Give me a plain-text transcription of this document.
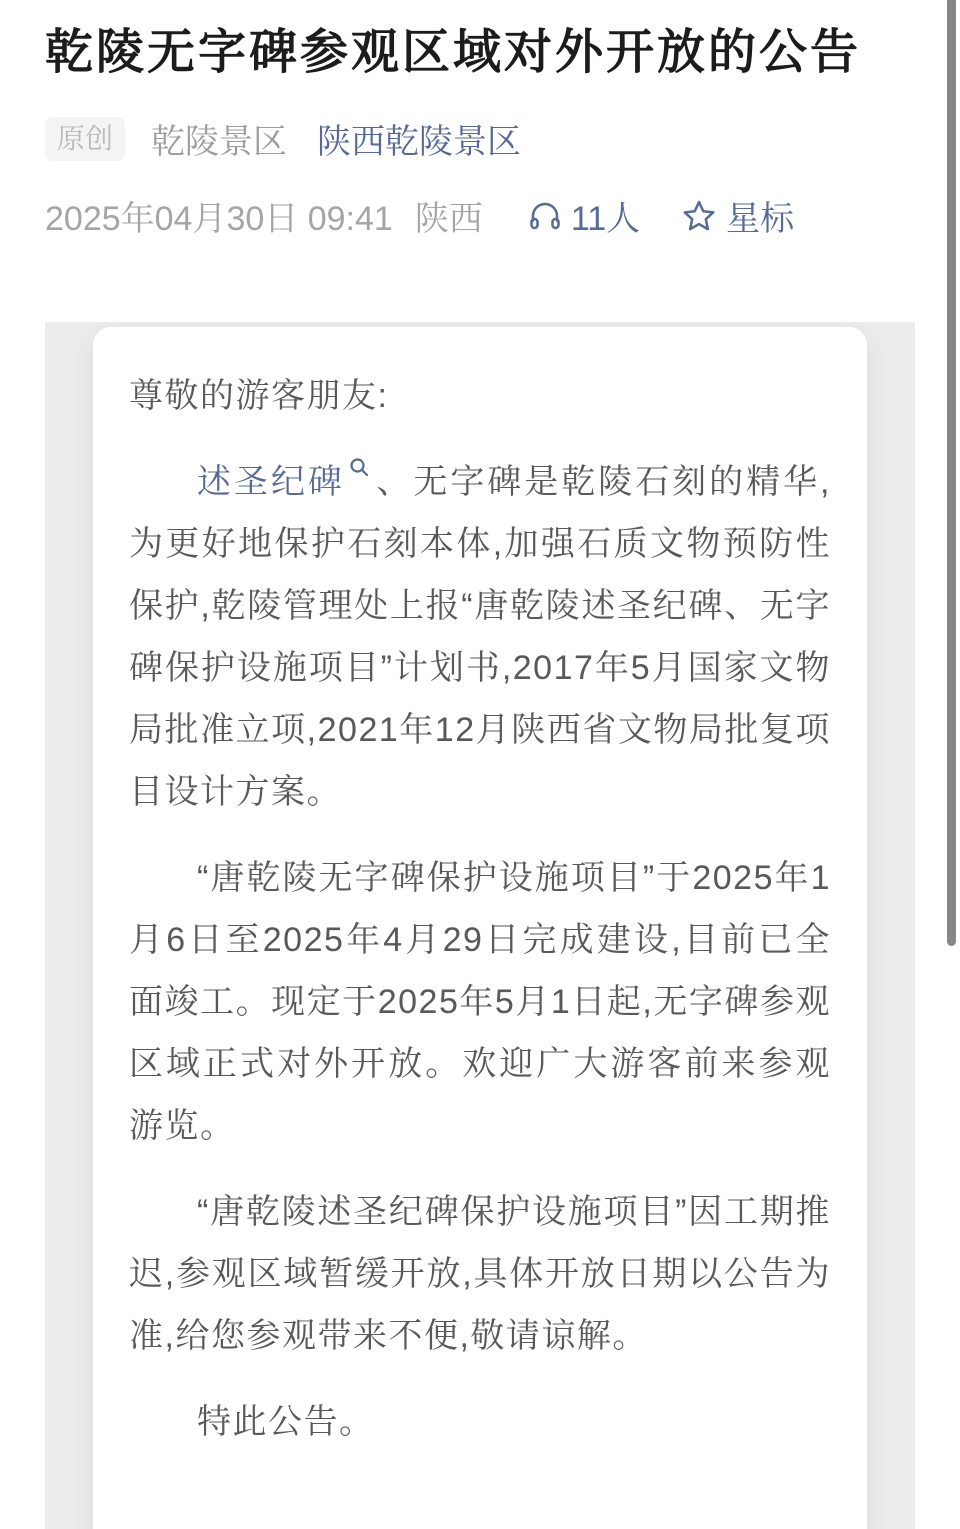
乾陵无字碑参观区域对外开放的公告
原创	乾陵景区 陕西乾陵景区
2025年04月30日 09:41 陕西	11人	星标

尊敬的游客朋友:

述圣纪碑 、无字碑是乾陵石刻的精华,为更好地保护石刻本体,加强石质文物预防性保护,乾陵管理处上报“唐乾陵述圣纪碑、无字碑保护设施项目”计划书,2017年5月国家文物局批准立项,2021年12月陕西省文物局批复项目设计方案。

“唐乾陵无字碑保护设施项目”于2025年1月6日至2025年4月29日完成建设,目前已全面竣工。现定于2025年5月1日起,无字碑参观区域正式对外开放。欢迎广大游客前来参观游览。

“唐乾陵述圣纪碑保护设施项目”因工期推迟,参观区域暂缓开放,具体开放日期以公告为准,给您参观带来不便,敬请谅解。

特此公告。
